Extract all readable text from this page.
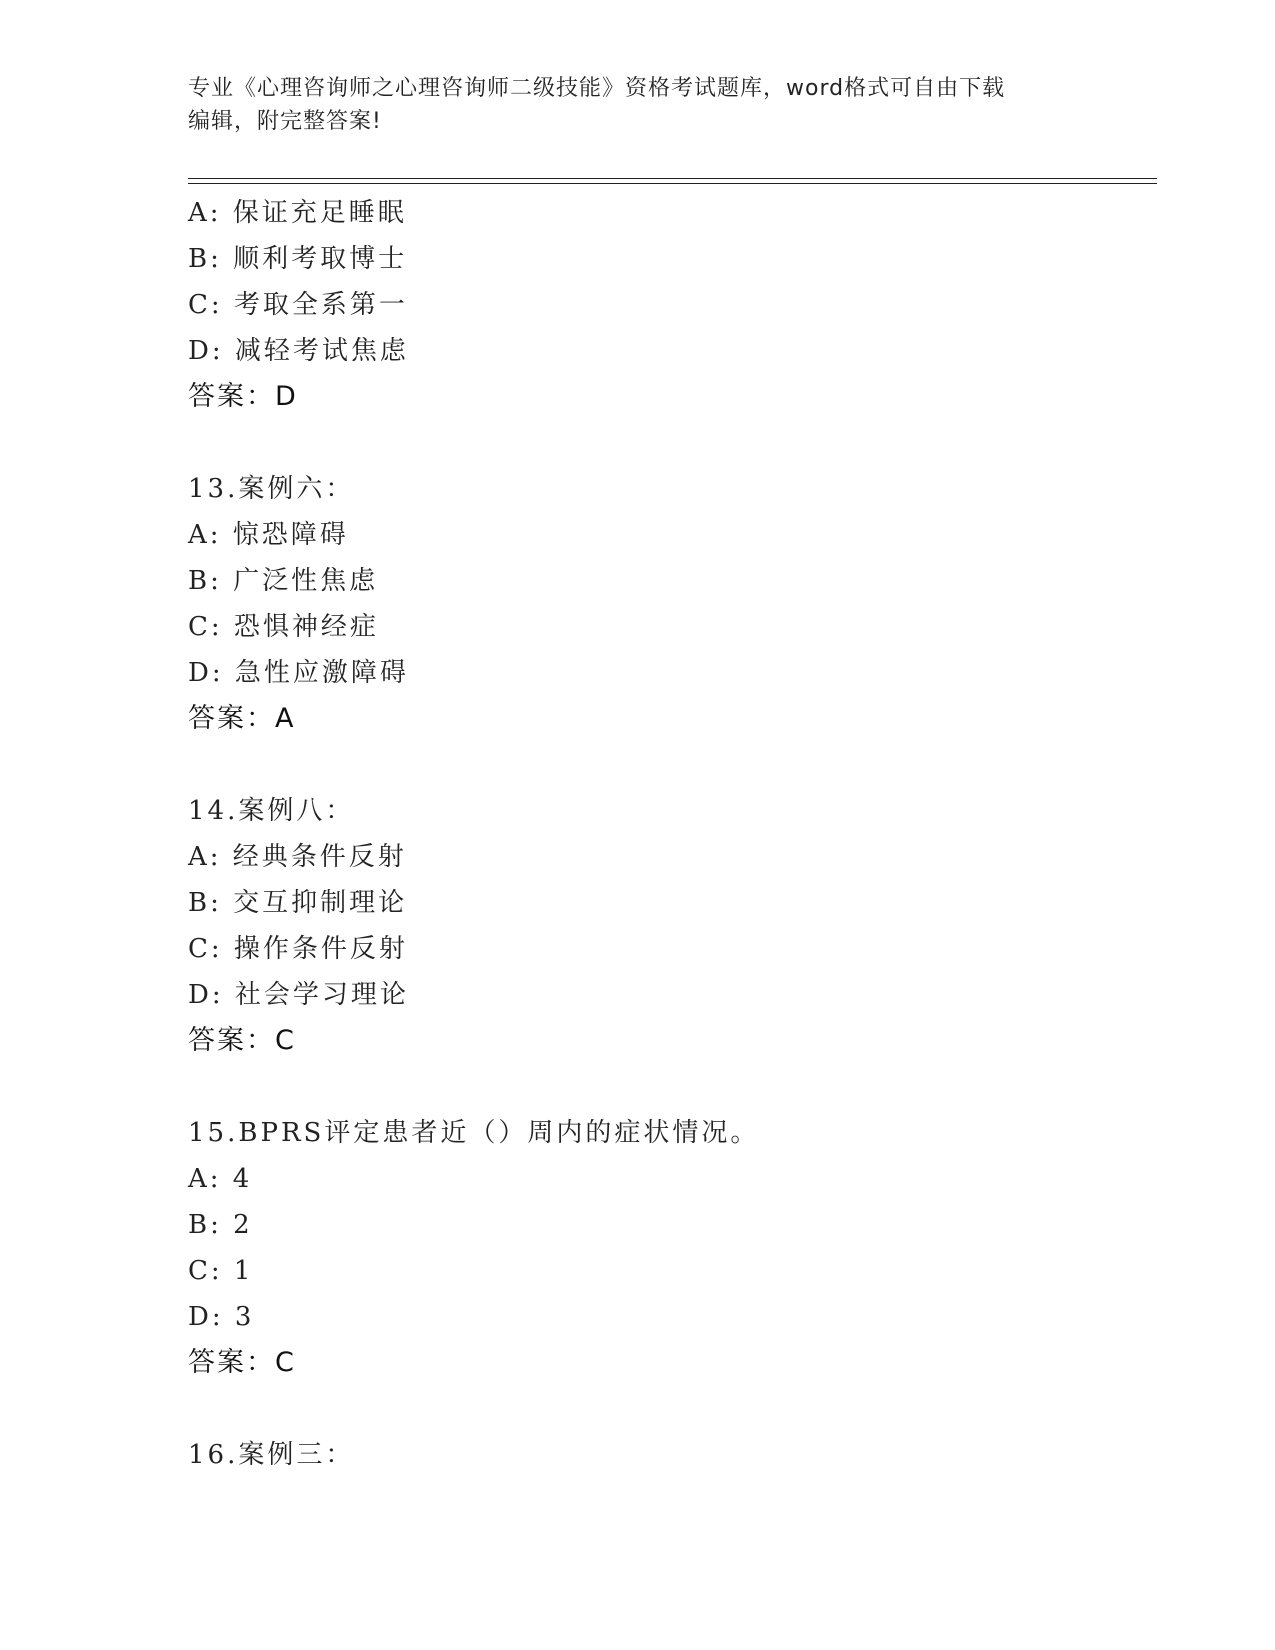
专业《心理咨询师之心理咨询师二级技能》资格考试题库，word格式可自由下载
编辑，附完整答案!
A: 保证充足睡眠
B: 顺利考取博士
C: 考取全系第一
D: 减轻考试焦虑
答案：D
13.案例六：
A: 惊恐障碍
B: 广泛性焦虑
C: 恐惧神经症
D: 急性应激障碍
答案：A
14.案例八：
A: 经典条件反射
B: 交互抑制理论
C: 操作条件反射
D: 社会学习理论
答案：C
15.BPRS评定患者近（）周内的症状情况。
A: 4
B: 2
C: 1
D: 3
答案：C
16.案例三：
